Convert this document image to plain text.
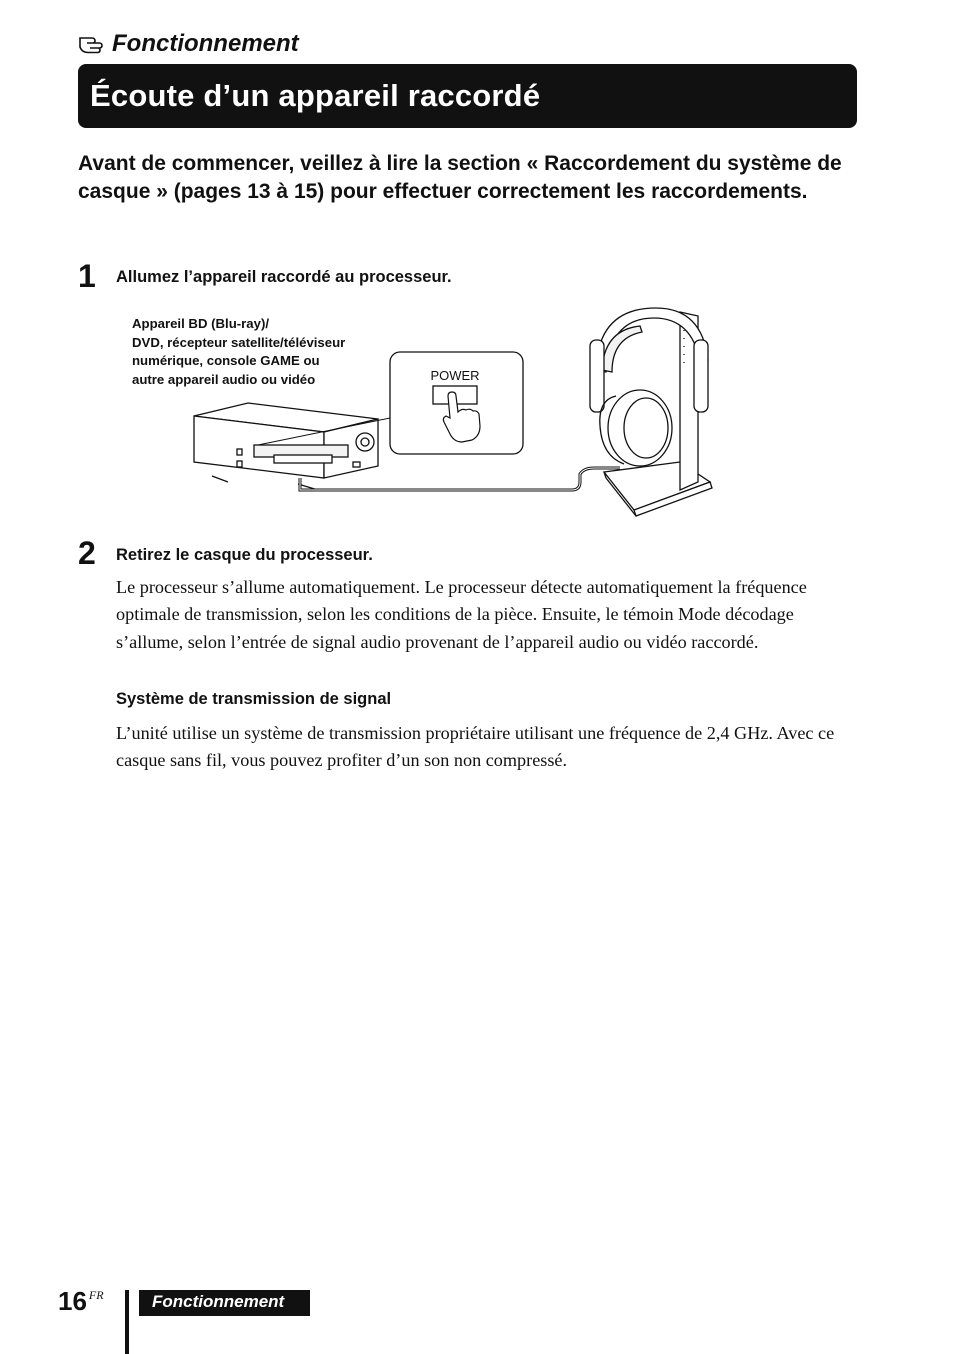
Fonctionnement
Écoute d’un appareil raccordé

Avant de commencer, veillez à lire la section « Raccordement du système de casque » (pages 13 à 15) pour effectuer correctement les raccordements.

1 Allumez l’appareil raccordé au processeur.
POWER
Appareil BD (Blu-ray)/
DVD, récepteur satellite/téléviseur
numérique, console GAME ou
autre appareil audio ou vidéo
2 Retirez le casque du processeur.

Le processeur s’allume automatiquement. Le processeur détecte automatiquement la fréquence optimale de transmission, selon les conditions de la pièce. Ensuite, le témoin Mode décodage s’allume, selon l’entrée de signal audio provenant de l’appareil audio ou vidéo raccordé.

Système de transmission de signal

L’unité utilise un système de transmission propriétaire utilisant une fréquence de 2,4 GHz. Avec ce casque sans fil, vous pouvez profiter d’un son non compressé.

$16^{FR}$	Fonctionnement
